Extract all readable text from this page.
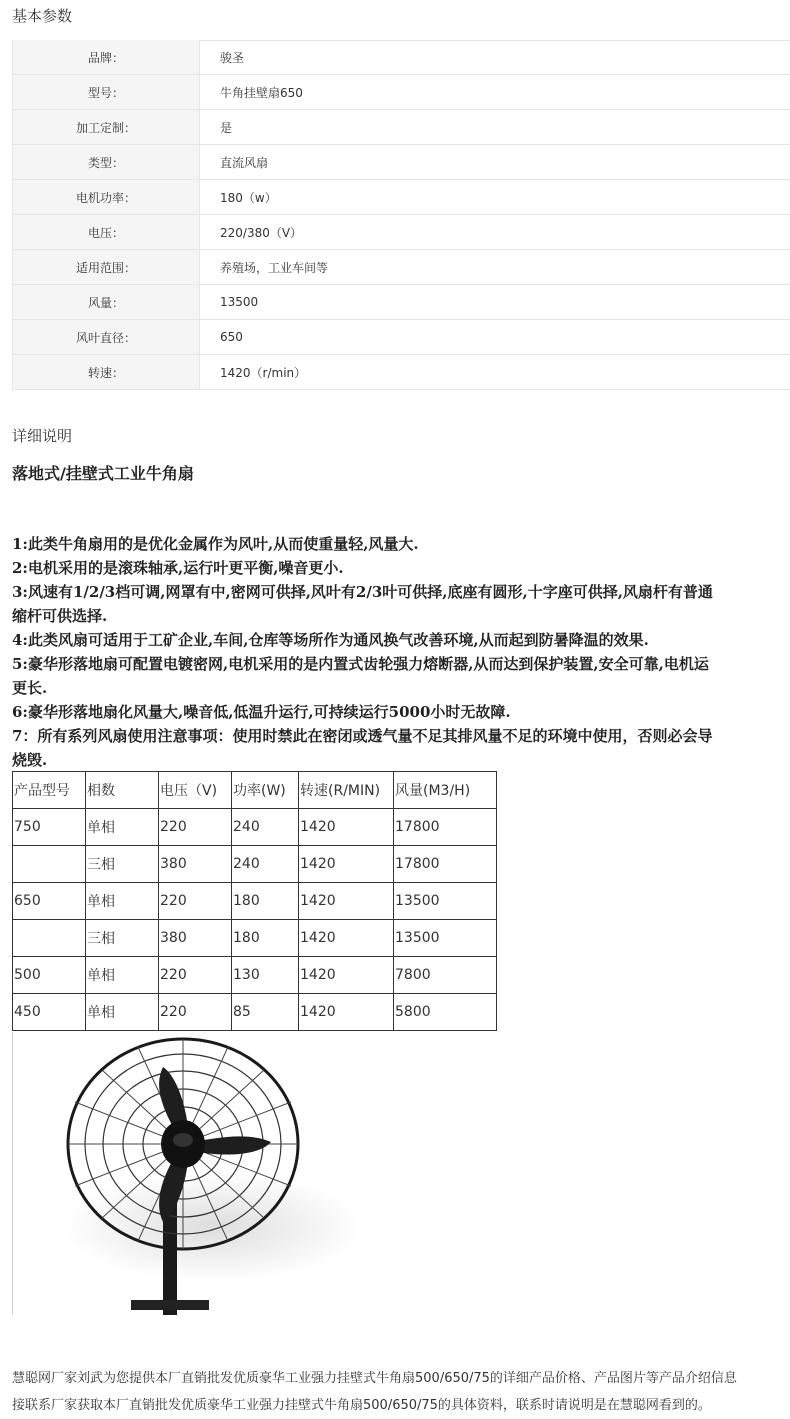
基本参数
品牌：	骏圣
型号：	牛角挂壁扇650
加工定制：	是
类型：	直流风扇
电机功率：	180（w）
电压：	220/380（V）
适用范围：	养殖场，工业车间等
风量：	13500
风叶直径：	650
转速：	1420（r/min）
详细说明
落地式/挂壁式工业牛角扇
1:此类牛角扇用的是优化金属作为风叶,从而使重量轻,风量大.
2:电机采用的是滚珠轴承,运行叶更平衡,噪音更小.
3:风速有1/2/3档可调,网罩有中,密网可供择,风叶有2/3叶可供择,底座有圆形,十字座可供择,风扇杆有普通
缩杆可供选择.
4:此类风扇可适用于工矿企业,车间,仓库等场所作为通风换气改善环境,从而起到防暑降温的效果.
5:豪华形落地扇可配置电镀密网,电机采用的是内置式齿轮强力熔断器,从而达到保护装置,安全可靠,电机运
更长.
6:豪华形落地扇化风量大,噪音低,低温升运行,可持续运行5000小时无故障.
7：所有系列风扇使用注意事项：使用时禁此在密闭或透气量不足其排风量不足的环境中使用，否则必会导
烧毁.
产品型号	相数	电压（V)	功率(W)	转速(R/MIN)	风量(M3/H)
750	单相	220	240	1420	17800
	三相	380	240	1420	17800
650	单相	220	180	1420	13500
	三相	380	180	1420	13500
500	单相	220	130	1420	7800
450	单相	220	85	1420	5800
慧聪网厂家刘武为您提供本厂直销批发优质豪华工业强力挂壁式牛角扇500/650/75的详细产品价格、产品图片等产品介绍信息
接联系厂家获取本厂直销批发优质豪华工业强力挂壁式牛角扇500/650/75的具体资料，联系时请说明是在慧聪网看到的。
